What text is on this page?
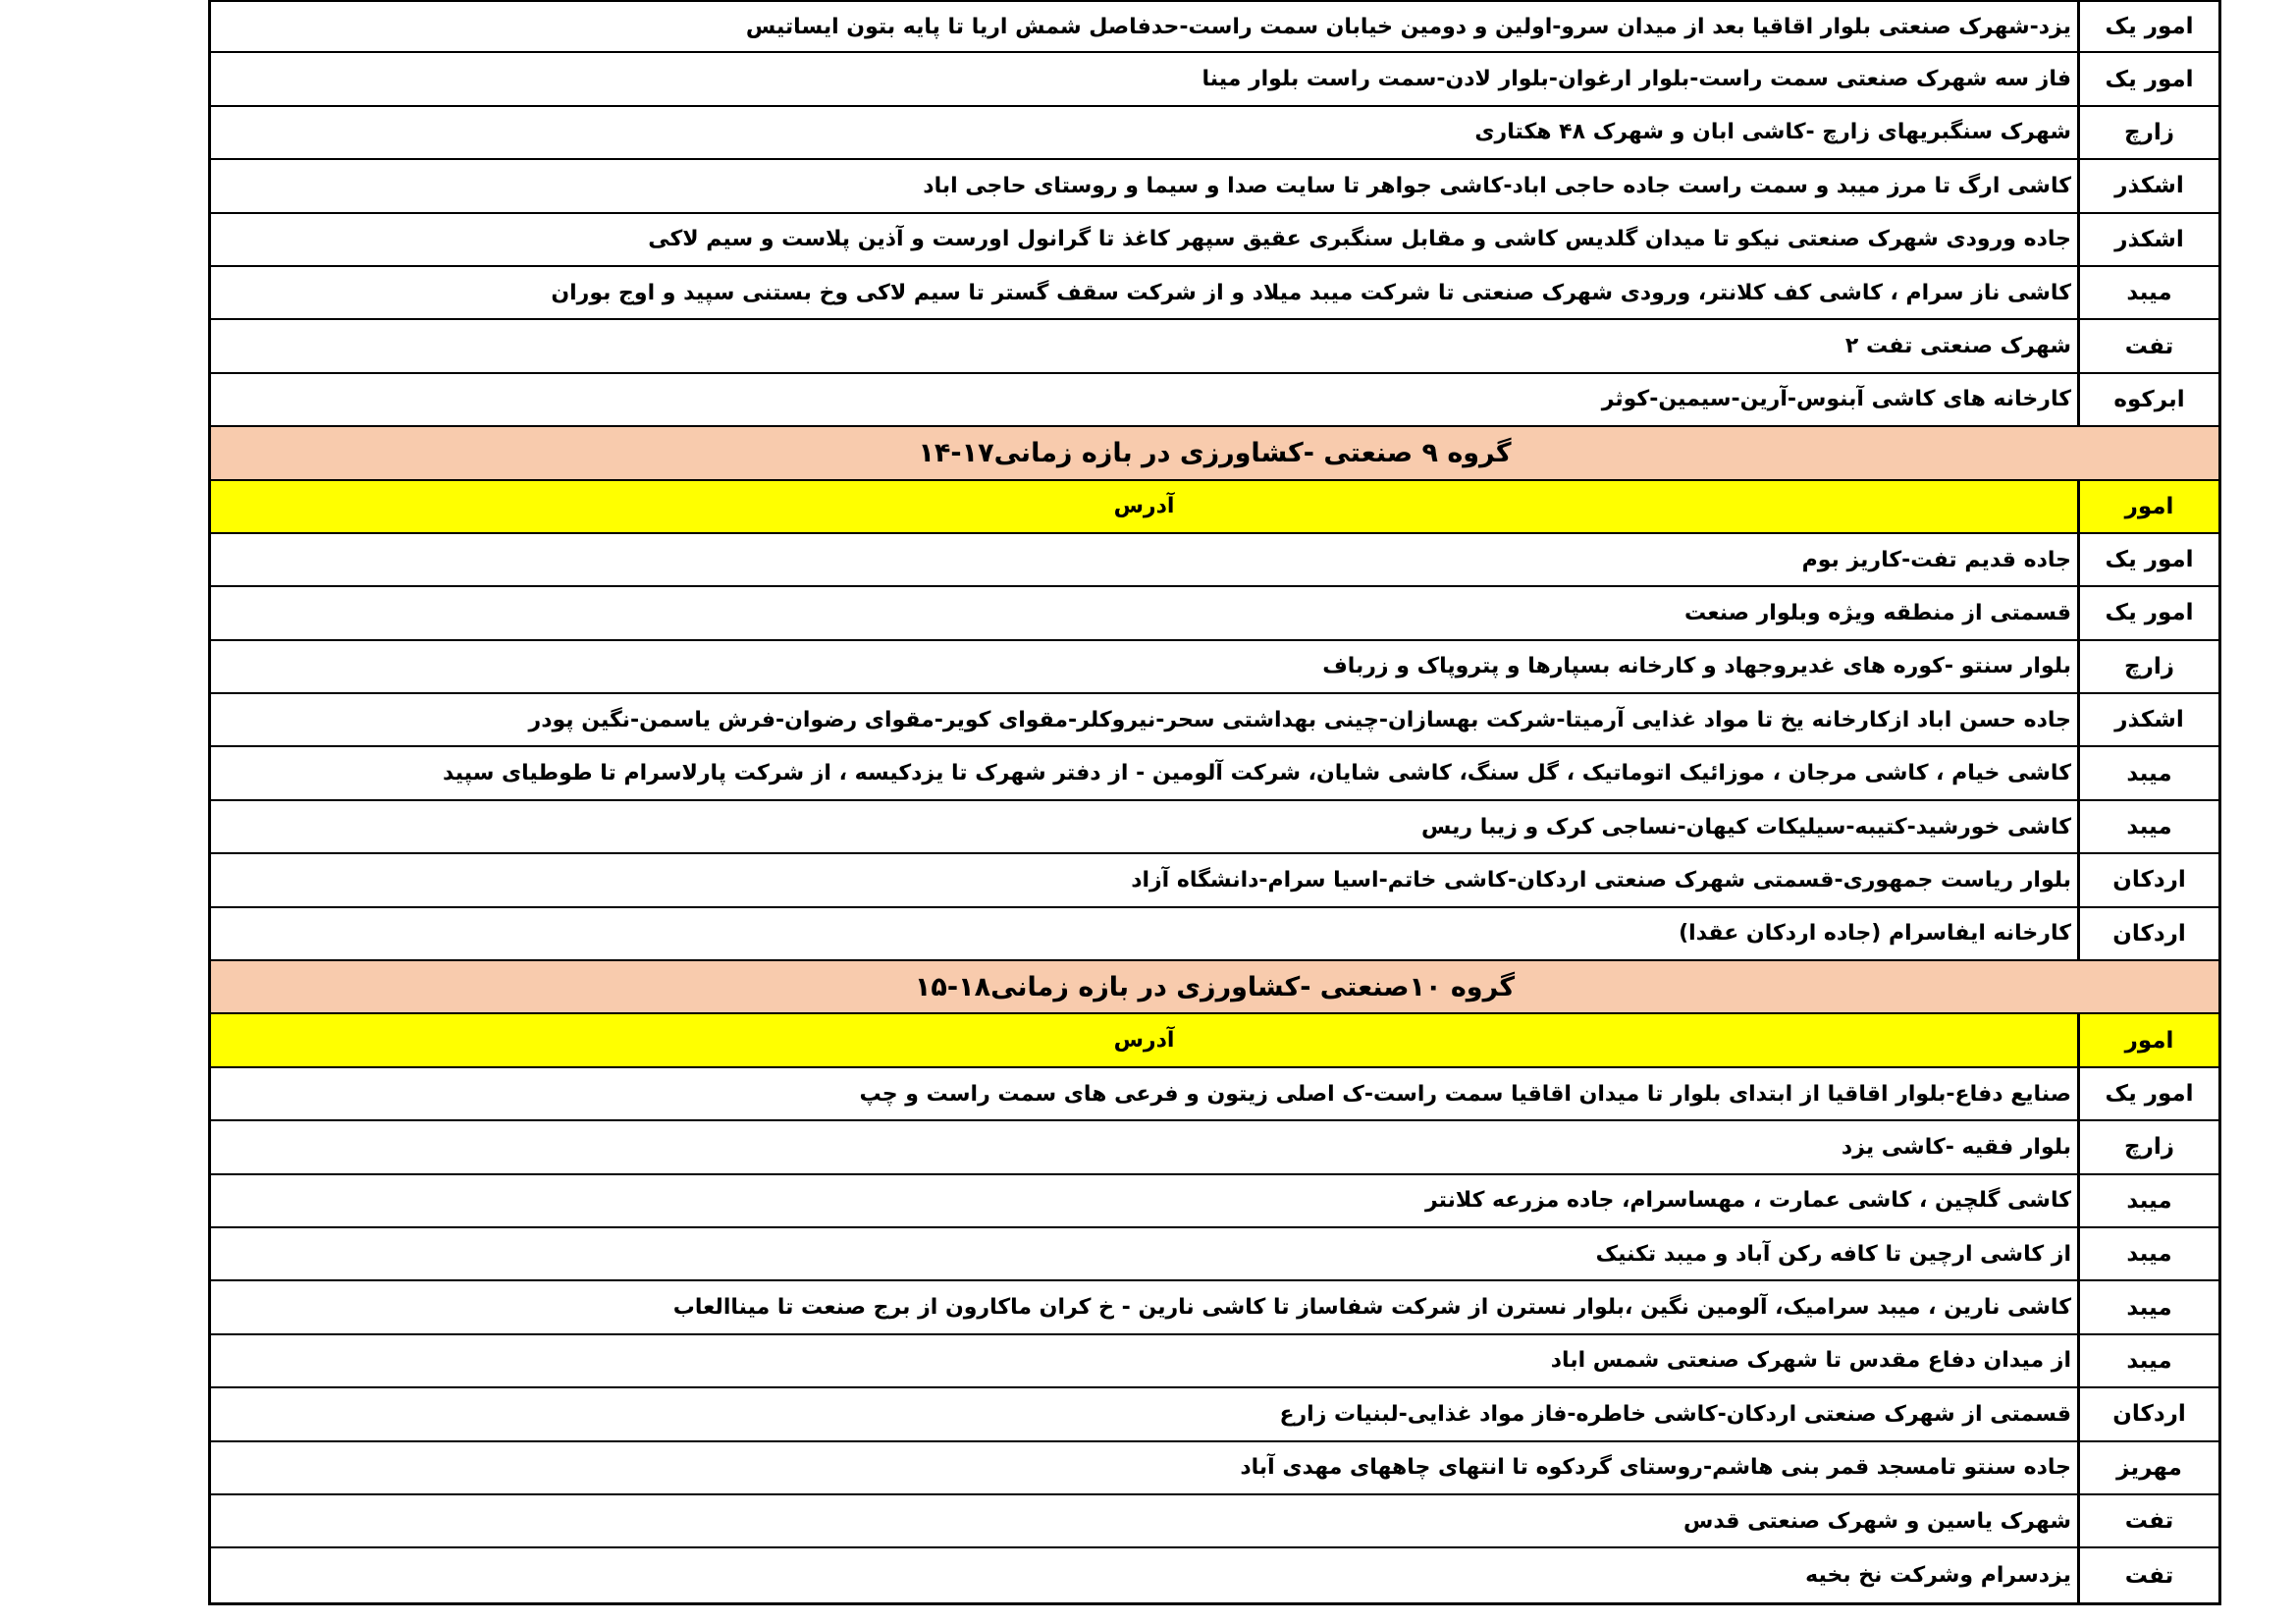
امور یک
یزد-شهرک صنعتی بلوار اقاقیا بعد از میدان سرو-اولین و دومین خیابان سمت راست-حدفاصل شمش اریا تا پایه بتون ایساتیس
امور یک
فاز سه شهرک صنعتی سمت راست-بلوار ارغوان-بلوار لادن-سمت راست بلوار مینا
زارچ
شهرک سنگبریهای زارچ -کاشی ابان و شهرک ۴۸ هکتاری
اشکذر
کاشی ارگ تا مرز میبد و سمت راست جاده حاجی اباد-کاشی جواهر تا سایت صدا و سیما و روستای حاجی اباد
اشکذر
جاده ورودی شهرک صنعتی نیکو تا میدان گلدیس کاشی و مقابل سنگبری عقیق سپهر کاغذ تا گرانول اورست و آذین پلاست و سیم لاکی
میبد
کاشی ناز سرام ، کاشی کف کلانتر، ورودی شهرک صنعتی تا شرکت میبد میلاد و از شرکت سقف گستر تا سیم لاکی وخ بستنی سپید و اوج بوران
تفت
شهرک صنعتی تفت ۲
ابرکوه
کارخانه های کاشی آبنوس-آرین-سیمین-کوثر
گروه ۹ صنعتی -کشاورزی در بازه زمانی۱۷-۱۴
امور
آدرس
امور یک
جاده قدیم تفت-کاریز بوم
امور یک
قسمتی از منطقه ویژه وبلوار صنعت
زارچ
بلوار سنتو -کوره های غدیروجهاد و کارخانه بسپارها و پتروپاک و زرباف
اشکذر
جاده حسن اباد ازکارخانه یخ تا مواد غذایی آرمیتا-شرکت بهسازان-چینی بهداشتی سحر-نیروکلر-مقوای کویر-مقوای رضوان-فرش یاسمن-نگین پودر
میبد
کاشی خیام ، کاشی مرجان ، موزائیک اتوماتیک ، گل سنگ، کاشی شایان، شرکت آلومین - از دفتر شهرک تا یزدکیسه ، از شرکت پارلاسرام تا طوطیای سپید
میبد
کاشی خورشید-کتیبه-سیلیکات کیهان-نساجی کرک و زیبا ریس
اردکان
بلوار ریاست جمهوری-قسمتی شهرک صنعتی اردکان-کاشی خاتم-اسیا سرام-دانشگاه آزاد
اردکان
کارخانه ایفاسرام (جاده اردکان عقدا)
گروه ۱۰صنعتی -کشاورزی در بازه زمانی۱۸-۱۵
امور
آدرس
امور یک
صنایع دفاع-بلوار اقاقیا از ابتدای بلوار تا میدان اقاقیا سمت راست-ک اصلی زیتون و فرعی های سمت راست و چپ
زارچ
بلوار فقیه -کاشی یزد
میبد
کاشی گلچین ، کاشی عمارت ، مهساسرام، جاده مزرعه کلانتر
میبد
از کاشی ارچین تا کافه رکن آباد و میبد تکنیک
میبد
کاشی نارین ، میبد سرامیک، آلومین نگین ،بلوار نسترن از شرکت شفاساز تا کاشی نارین - خ کران ماکارون از برج صنعت تا میناالعاب
میبد
از میدان دفاع مقدس تا شهرک صنعتی شمس اباد
اردکان
قسمتی از شهرک صنعتی اردکان-کاشی خاطره-فاز مواد غذایی-لبنیات زارع
مهریز
جاده سنتو تامسجد قمر بنی هاشم-روستای گردکوه تا انتهای چاههای مهدی آباد
تفت
شهرک یاسین و شهرک صنعتی قدس
تفت
یزدسرام وشرکت نخ بخیه
